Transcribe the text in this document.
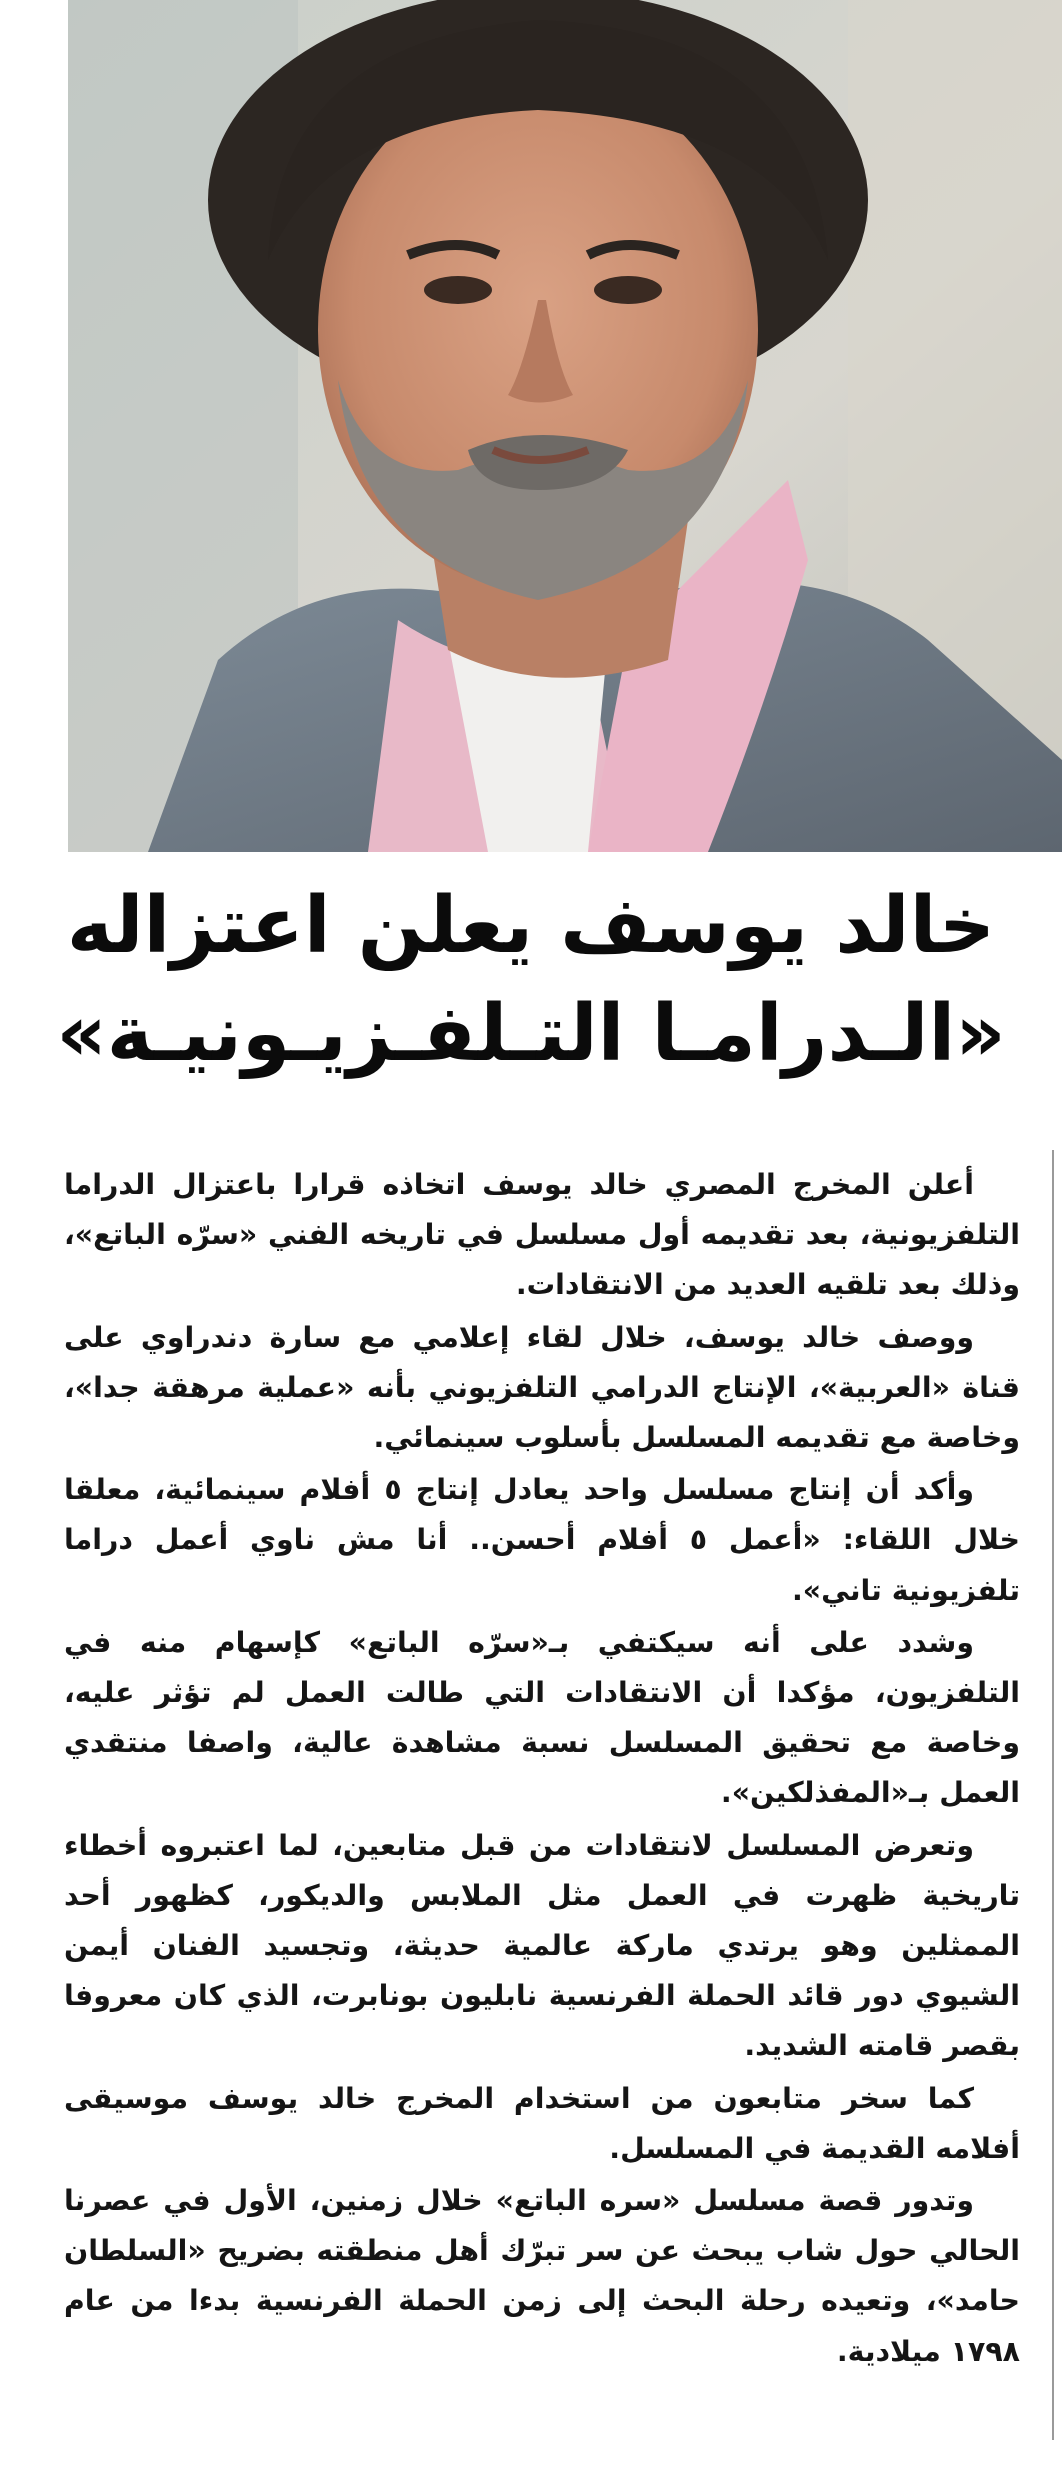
خالد يوسف يعلن اعتزاله
«الـدرامـا التـلفـزيـونيـة»

أعلن المخرج المصري خالد يوسف اتخاذه قرارا باعتزال الدراما التلفزيونية، بعد تقديمه أول مسلسل في تاريخه الفني «سرّه الباتع»، وذلك بعد تلقيه العديد من الانتقادات.

ووصف خالد يوسف، خلال لقاء إعلامي مع سارة دندراوي على قناة «العربية»، الإنتاج الدرامي التلفزيوني بأنه «عملية مرهقة جدا»، وخاصة مع تقديمه المسلسل بأسلوب سينمائي.

وأكد أن إنتاج مسلسل واحد يعادل إنتاج ٥ أفلام سينمائية، معلقا خلال اللقاء: «أعمل ٥ أفلام أحسن.. أنا مش ناوي أعمل دراما تلفزيونية تاني».

وشدد على أنه سيكتفي بـ«سرّه الباتع» كإسهام منه في التلفزيون، مؤكدا أن الانتقادات التي طالت العمل لم تؤثر عليه، وخاصة مع تحقيق المسلسل نسبة مشاهدة عالية، واصفا منتقدي العمل بـ«المفذلكين».

وتعرض المسلسل لانتقادات من قبل متابعين، لما اعتبروه أخطاء تاريخية ظهرت في العمل مثل الملابس والديكور، كظهور أحد الممثلين وهو يرتدي ماركة عالمية حديثة، وتجسيد الفنان أيمن الشيوي دور قائد الحملة الفرنسية نابليون بونابرت، الذي كان معروفا بقصر قامته الشديد.

كما سخر متابعون من استخدام المخرج خالد يوسف موسيقى أفلامه القديمة في المسلسل.

وتدور قصة مسلسل «سره الباتع» خلال زمنين، الأول في عصرنا الحالي حول شاب يبحث عن سر تبرّك أهل منطقته بضريح «السلطان حامد»، وتعيده رحلة البحث إلى زمن الحملة الفرنسية بدءا من عام ١٧٩٨ ميلادية.
